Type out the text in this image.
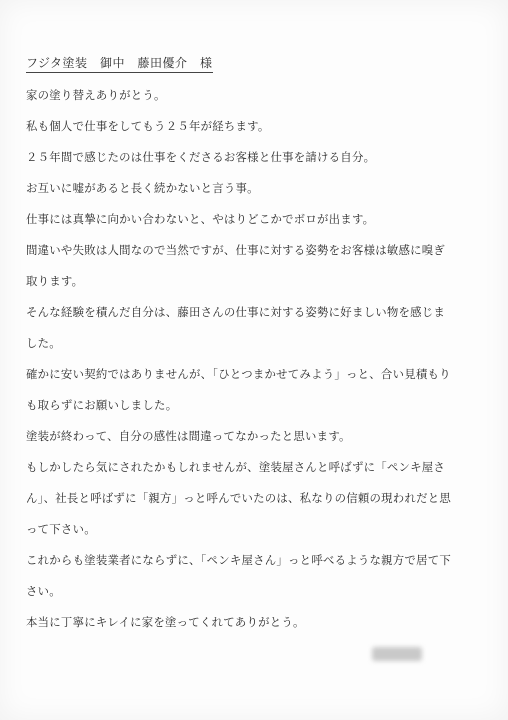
フジタ塗装　御中　藤田優介　様
家の塗り替えありがとう。
私も個人で仕事をしてもう２５年が経ちます。
２５年間で感じたのは仕事をくださるお客様と仕事を請ける自分。
お互いに嘘があると長く続かないと言う事。
仕事には真摯に向かい合わないと、やはりどこかでボロが出ます。
間違いや失敗は人間なので当然ですが、仕事に対する姿勢をお客様は敏感に嗅ぎ
取ります。
そんな経験を積んだ自分は、藤田さんの仕事に対する姿勢に好ましい物を感じま
した。
確かに安い契約ではありませんが、「ひとつまかせてみよう」っと、合い見積もり
も取らずにお願いしました。
塗装が終わって、自分の感性は間違ってなかったと思います。
もしかしたら気にされたかもしれませんが、塗装屋さんと呼ばずに「ペンキ屋さ
ん」、社長と呼ばずに「親方」っと呼んでいたのは、私なりの信頼の現われだと思
って下さい。
これからも塗装業者にならずに、「ペンキ屋さん」っと呼べるような親方で居て下
さい。
本当に丁寧にキレイに家を塗ってくれてありがとう。
